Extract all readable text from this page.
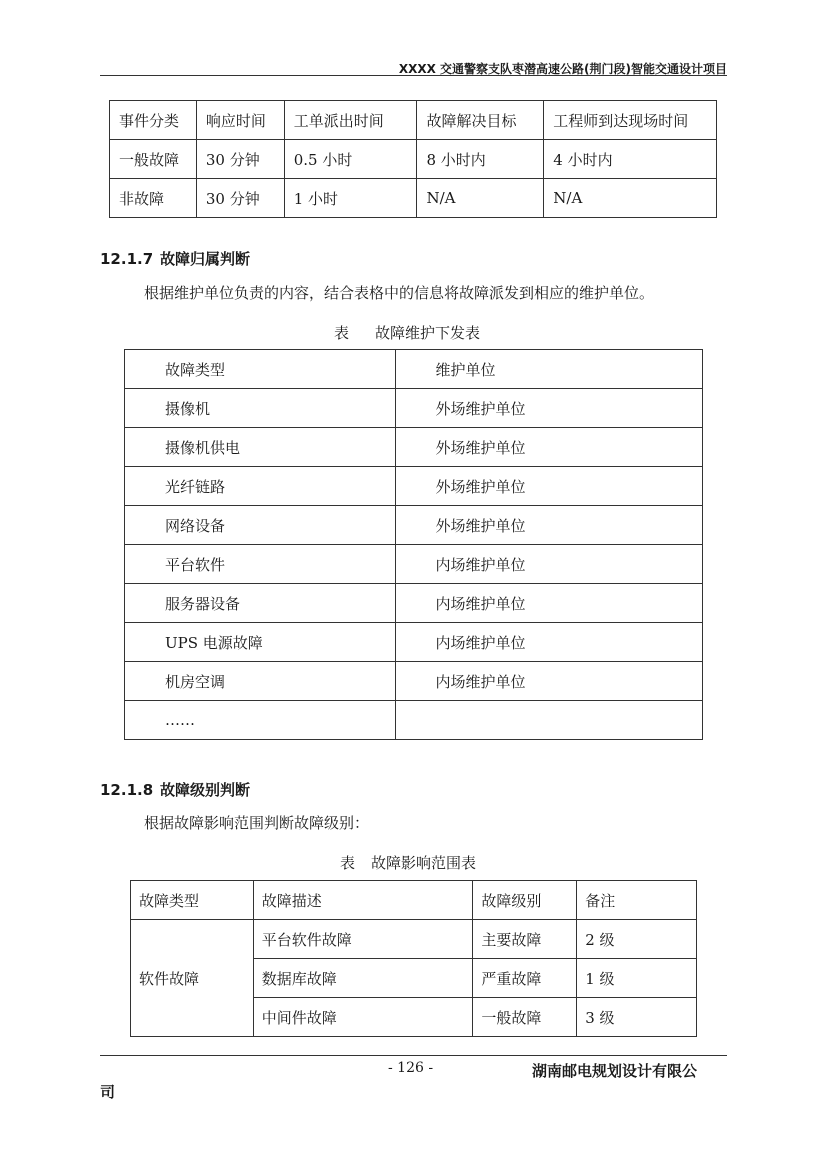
XXXX 交通警察支队枣潜高速公路(荆门段)智能交通设计项目
事件分类	响应时间	工单派出时间	故障解决目标	工程师到达现场时间
一般故障	30 分钟	0.5 小时	8 小时内	4 小时内
非故障	30 分钟	1 小时	N/A	N/A
12.1.7 故障归属判断
根据维护单位负责的内容，结合表格中的信息将故障派发到相应的维护单位。
表 故障维护下发表
故障类型	维护单位
摄像机	外场维护单位
摄像机供电	外场维护单位
光纤链路	外场维护单位
网络设备	外场维护单位
平台软件	内场维护单位
服务器设备	内场维护单位
UPS 电源故障	内场维护单位
机房空调	内场维护单位
……	
12.1.8 故障级别判断
根据故障影响范围判断故障级别：
表 故障影响范围表
故障类型	故障描述	故障级别	备注
软件故障	平台软件故障	主要故障	2 级
	数据库故障	严重故障	1 级
	中间件故障	一般故障	3 级
- 126 -	湖南邮电规划设计有限公
司
